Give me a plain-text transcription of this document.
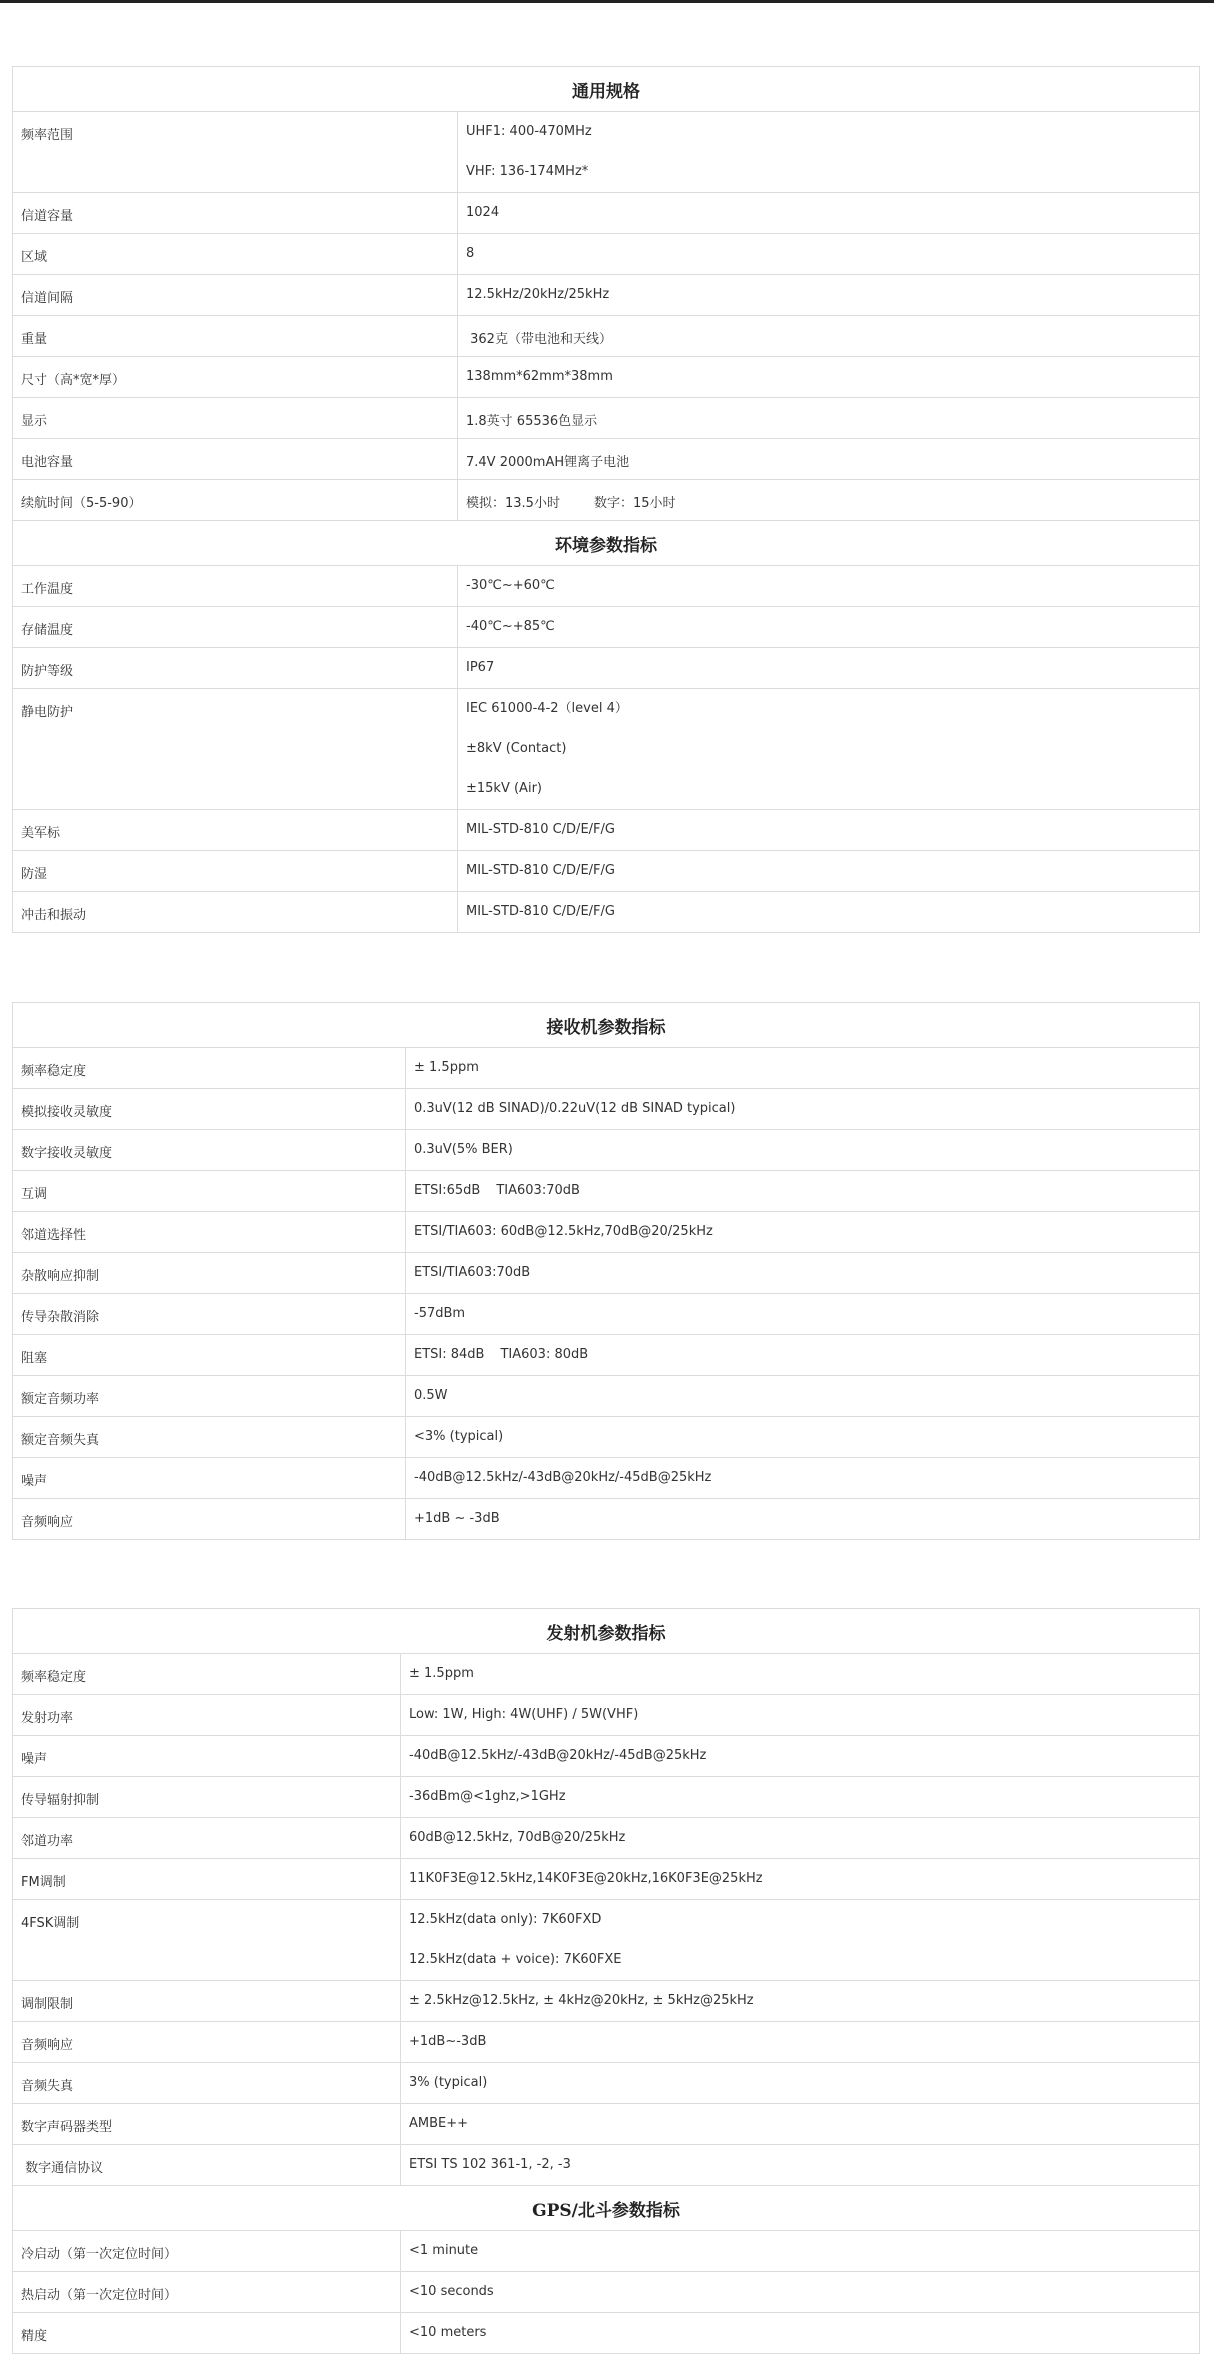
通用规格	
频率范围	UHF1: 400-470MHz
VHF: 136-174MHz*

信道容量	1024
区域	8
信道间隔	12.5kHz/20kHz/25kHz
重量	362克（带电池和天线）
尺寸（高*宽*厚）	138mm*62mm*38mm
显示	1.8英寸 65536色显示
电池容量	7.4V 2000mAH锂离子电池
续航时间（5-5-90）	模拟：13.5小时 数字：15小时
环境参数指标	
工作温度	-30℃~+60℃
存储温度	-40℃~+85℃
防护等级	IP67
静电防护	IEC 61000-4-2（level 4）
±8kV (Contact)
±15kV (Air)

美军标	MIL-STD-810 C/D/E/F/G
防湿	MIL-STD-810 C/D/E/F/G
冲击和振动	MIL-STD-810 C/D/E/F/G
接收机参数指标	
频率稳定度	± 1.5ppm
模拟接收灵敏度	0.3uV(12 dB SINAD)/0.22uV(12 dB SINAD typical)
数字接收灵敏度	0.3uV(5% BER)
互调	ETSI:65dB TIA603:70dB
邻道选择性	ETSI/TIA603: 60dB@12.5kHz,70dB@20/25kHz
杂散响应抑制	ETSI/TIA603:70dB
传导杂散消除	-57dBm
阻塞	ETSI: 84dB TIA603: 80dB
额定音频功率	0.5W
额定音频失真	<3% (typical)
噪声	-40dB@12.5kHz/-43dB@20kHz/-45dB@25kHz
音频响应	+1dB ~ -3dB
发射机参数指标	
频率稳定度	± 1.5ppm
发射功率	Low: 1W, High: 4W(UHF) / 5W(VHF)
噪声	-40dB@12.5kHz/-43dB@20kHz/-45dB@25kHz
传导辐射抑制	-36dBm@<1ghz,>1GHz
邻道功率	60dB@12.5kHz, 70dB@20/25kHz
FM调制	11K0F3E@12.5kHz,14K0F3E@20kHz,16K0F3E@25kHz
4FSK调制	12.5kHz(data only): 7K60FXD
12.5kHz(data + voice): 7K60FXE

调制限制	± 2.5kHz@12.5kHz, ± 4kHz@20kHz, ± 5kHz@25kHz
音频响应	+1dB~-3dB
音频失真	3% (typical)
数字声码器类型	AMBE++
数字通信协议	ETSI TS 102 361-1, -2, -3
GPS/北斗参数指标	
冷启动（第一次定位时间）	<1 minute
热启动（第一次定位时间）	<10 seconds
精度	<10 meters
